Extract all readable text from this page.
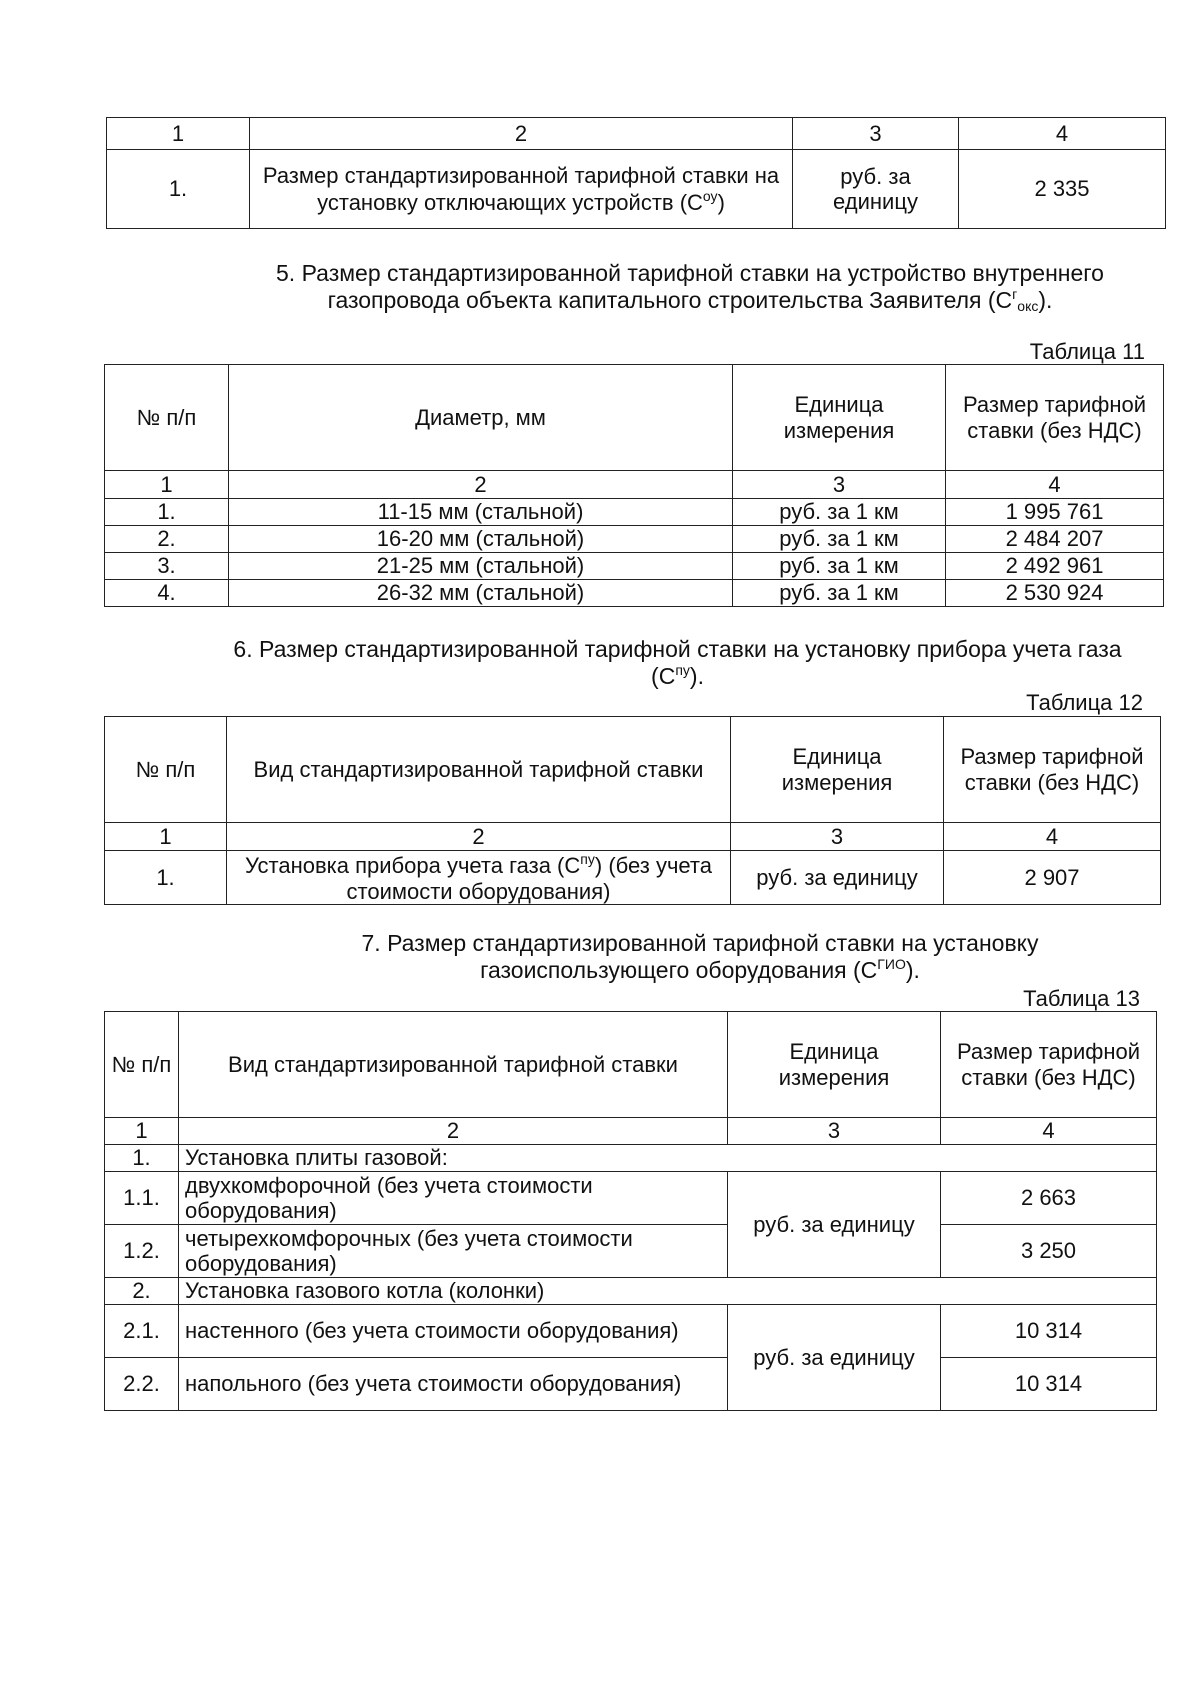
1	2	3	4
1.	Размер стандартизированной тарифной ставки на установку отключающих устройств $(С^{оу})$	руб. за единицу	2 335
5. Размер стандартизированной тарифной ставки на устройство внутреннего газопровода объекта капитального строительства Заявителя $(С^г_{окс})$.
Таблица 11
№ п/п	Диаметр, мм	Единица измерения	Размер тарифной ставки (без НДС)
1	2	3	4
1.	11-15 мм (стальной)	руб. за 1 км	1 995 761
2.	16-20 мм (стальной)	руб. за 1 км	2 484 207
3.	21-25 мм (стальной)	руб. за 1 км	2 492 961
4.	26-32 мм (стальной)	руб. за 1 км	2 530 924
6. Размер стандартизированной тарифной ставки на установку прибора учета газа $(С^{пу})$.
Таблица 12
№ п/п	Вид стандартизированной тарифной ставки	Единица измерения	Размер тарифной ставки (без НДС)
1	2	3	4
1.	Установка прибора учета газа $(С^{пу})$ (без учета стоимости оборудования)	руб. за единицу	2 907
7. Размер стандартизированной тарифной ставки на установку газоиспользующего оборудования $(С^{ГИО})$.
Таблица 13
№ п/п	Вид стандартизированной тарифной ставки	Единица измерения	Размер тарифной ставки (без НДС)
1	2	3	4
1.	Установка плиты газовой:		
1.1.	двухкомфорочной (без учета стоимости оборудования)	руб. за единицу	2 663
1.2.	четырехкомфорочных (без учета стоимости оборудования)		3 250
2.	Установка газового котла (колонки)		
2.1.	настенного (без учета стоимости оборудования)	руб. за единицу	10 314
2.2.	напольного (без учета стоимости оборудования)		10 314
